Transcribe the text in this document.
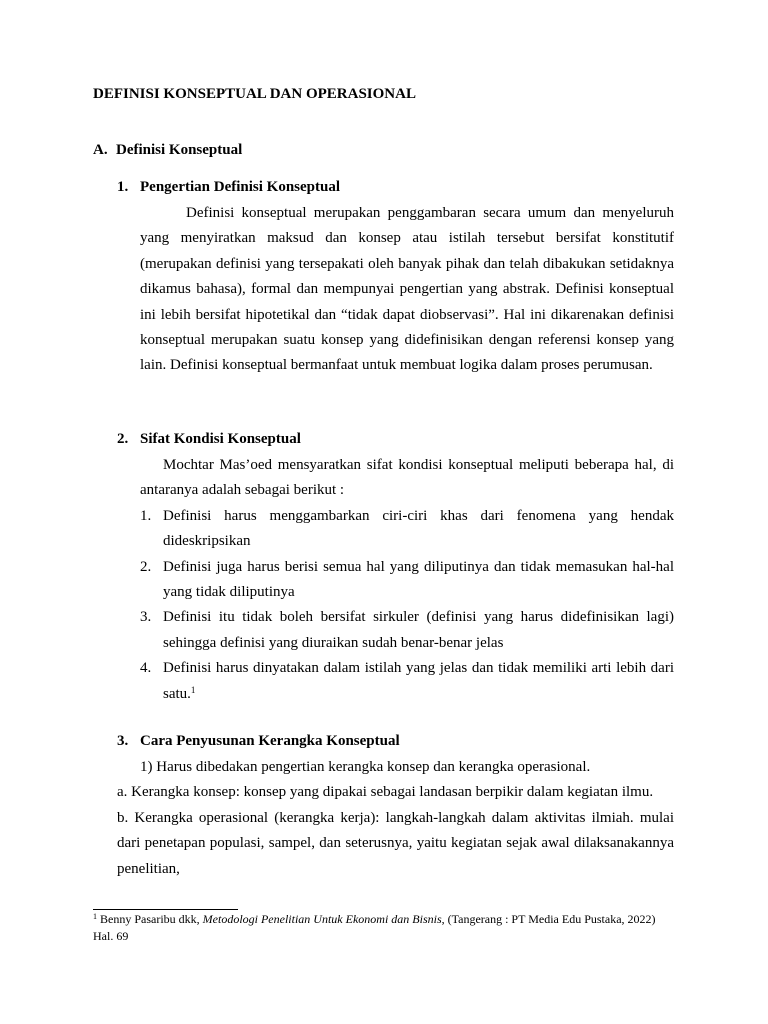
DEFINISI KONSEPTUAL DAN OPERASIONAL
A. Definisi Konseptual

1. Pengertian Definisi Konseptual

Definisi konseptual merupakan penggambaran secara umum dan menyeluruh yang menyiratkan maksud dan konsep atau istilah tersebut bersifat konstitutif (merupakan definisi yang tersepakati oleh banyak pihak dan telah dibakukan setidaknya dikamus bahasa), formal dan mempunyai pengertian yang abstrak. Definisi konseptual ini lebih bersifat hipotetikal dan “tidak dapat diobservasi”. Hal ini dikarenakan definisi konseptual merupakan suatu konsep yang didefinisikan dengan referensi konsep yang lain. Definisi konseptual bermanfaat untuk membuat logika dalam proses perumusan.

2. Sifat Kondisi Konseptual

Mochtar Mas’oed mensyaratkan sifat kondisi konseptual meliputi beberapa hal, di antaranya adalah sebagai berikut :

1. Definisi harus menggambarkan ciri-ciri khas dari fenomena yang hendak dideskripsikan
2. Definisi juga harus berisi semua hal yang diliputinya dan tidak memasukan hal-hal yang tidak diliputinya
3. Definisi itu tidak boleh bersifat sirkuler (definisi yang harus didefinisikan lagi) sehingga definisi yang diuraikan sudah benar-benar jelas
4. Definisi harus dinyatakan dalam istilah yang jelas dan tidak memiliki arti lebih dari satu.$^1$

3. Cara Penyusunan Kerangka Konseptual

1) Harus dibedakan pengertian kerangka konsep dan kerangka operasional.

a. Kerangka konsep: konsep yang dipakai sebagai landasan berpikir dalam kegiatan ilmu.

b. Kerangka operasional (kerangka kerja): langkah-langkah dalam aktivitas ilmiah. mulai dari penetapan populasi, sampel, dan seterusnya, yaitu kegiatan sejak awal dilaksanakannya penelitian,

$^1$ Benny Pasaribu dkk, Metodologi Penelitian Untuk Ekonomi dan Bisnis, (Tangerang : PT Media Edu Pustaka, 2022) Hal. 69
